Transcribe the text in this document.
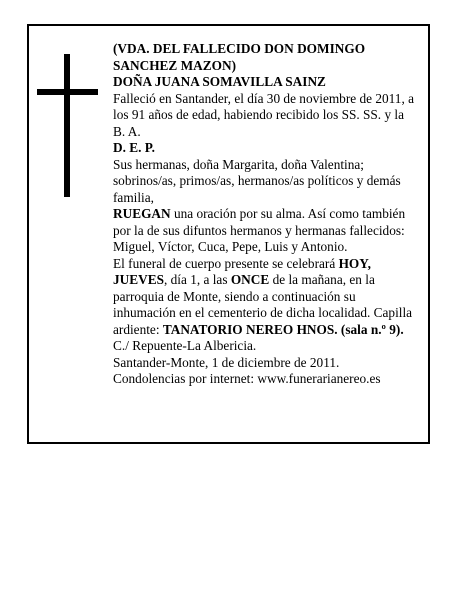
(VDA. DEL FALLECIDO DON DOMINGO SANCHEZ MAZON)

DOÑA JUANA SOMAVILLA SAINZ

Falleció en Santander, el día 30 de noviembre de 2011, a los 91 años de edad, habiendo recibido los SS. SS. y la B. A.

D. E. P.

Sus hermanas, doña Margarita, doña Valentina; sobrinos/as, primos/as, hermanos/as políticos y demás familia,

RUEGAN una oración por su alma. Así como también por la de sus difuntos hermanos y hermanas fallecidos: Miguel, Víctor, Cuca, Pepe, Luis y Antonio.

El funeral de cuerpo presente se celebrará HOY, JUEVES, día 1, a las ONCE de la mañana, en la parroquia de Monte, siendo a continuación su inhumación en el cementerio de dicha localidad. Capilla ardiente: TANATORIO NEREO HNOS. (sala n.º 9).

C./ Repuente-La Albericia.

Santander-Monte, 1 de diciembre de 2011.

Condolencias por internet: www.funerarianereo.es
